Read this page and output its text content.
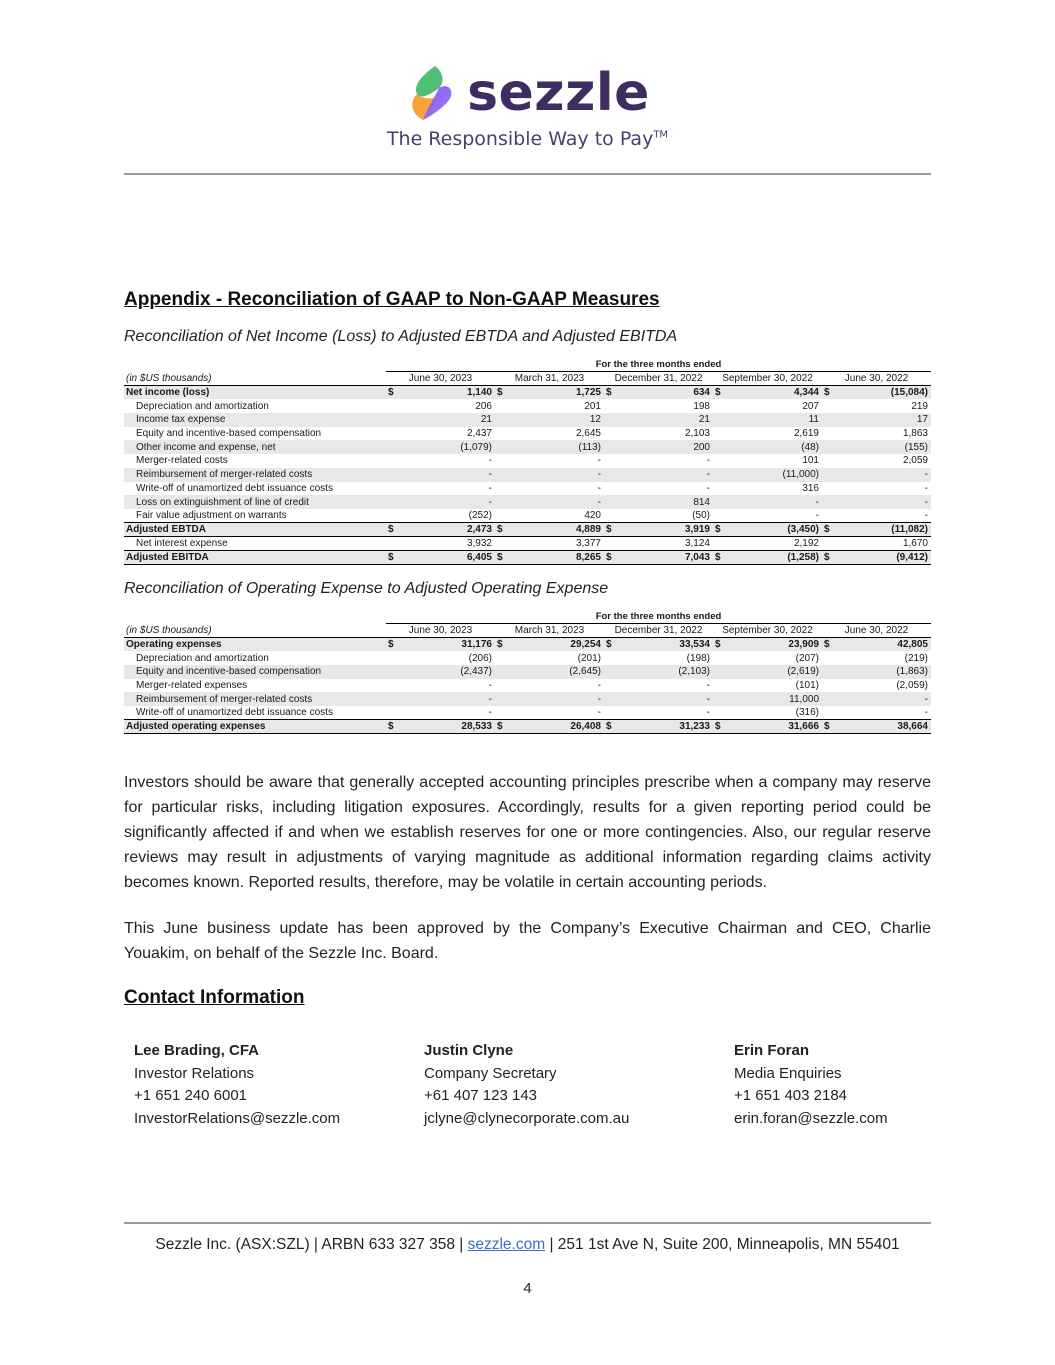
sezzle
The Responsible Way to Pay™
Appendix - Reconciliation of GAAP to Non-GAAP Measures
Reconciliation of Net Income (Loss) to Adjusted EBTDA and Adjusted EBITDA
	For the three months ended									
(in $US thousands)	June 30, 2023		March 31, 2023		December 31, 2022		September 30, 2022		June 30, 2022	
Net income (loss)	$	1,140	$	1,725	$	634	$	4,344	$	(15,084)
Depreciation and amortization		206		201		198		207		219
Income tax expense		21		12		21		11		17
Equity and incentive-based compensation		2,437		2,645		2,103		2,619		1,863
Other income and expense, net		(1,079)		(113)		200		(48)		(155)
Merger-related costs		-		-		-		101		2,059
Reimbursement of merger-related costs		-		-		-		(11,000)		-
Write-off of unamortized debt issuance costs		-		-		-		316		-
Loss on extinguishment of line of credit		-		-		814		-		-
Fair value adjustment on warrants		(252)		420		(50)		-		-
Adjusted EBTDA	$	2,473	$	4,889	$	3,919	$	(3,450)	$	(11,082)
Net interest expense		3,932		3,377		3,124		2,192		1,670
Adjusted EBITDA	$	6,405	$	8,265	$	7,043	$	(1,258)	$	(9,412)
Reconciliation of Operating Expense to Adjusted Operating Expense
	For the three months ended									
(in $US thousands)	June 30, 2023		March 31, 2023		December 31, 2022		September 30, 2022		June 30, 2022	
Operating expenses	$	31,176	$	29,254	$	33,534	$	23,909	$	42,805
Depreciation and amortization		(206)		(201)		(198)		(207)		(219)
Equity and incentive-based compensation		(2,437)		(2,645)		(2,103)		(2,619)		(1,863)
Merger-related expenses		-		-		-		(101)		(2,059)
Reimbursement of merger-related costs		-		-		-		11,000		-
Write-off of unamortized debt issuance costs		-		-		-		(316)		-
Adjusted operating expenses	$	28,533	$	26,408	$	31,233	$	31,666	$	38,664

Investors should be aware that generally accepted accounting principles prescribe when a company may reserve for particular risks, including litigation exposures. Accordingly, results for a given reporting period could be significantly affected if and when we establish reserves for one or more contingencies. Also, our regular reserve reviews may result in adjustments of varying magnitude as additional information regarding claims activity becomes known. Reported results, therefore, may be volatile in certain accounting periods.

This June business update has been approved by the Company’s Executive Chairman and CEO, Charlie Youakim, on behalf of the Sezzle Inc. Board.

Contact Information
Lee Brading, CFA
Investor Relations
+1 651 240 6001
InvestorRelations@sezzle.com
Justin Clyne
Company Secretary
+61 407 123 143
jclyne@clynecorporate.com.au
Erin Foran
Media Enquiries
+1 651 403 2184
erin.foran@sezzle.com
Sezzle Inc. (ASX:SZL) | ARBN 633 327 358 | sezzle.com | 251 1st Ave N, Suite 200, Minneapolis, MN 55401
4
